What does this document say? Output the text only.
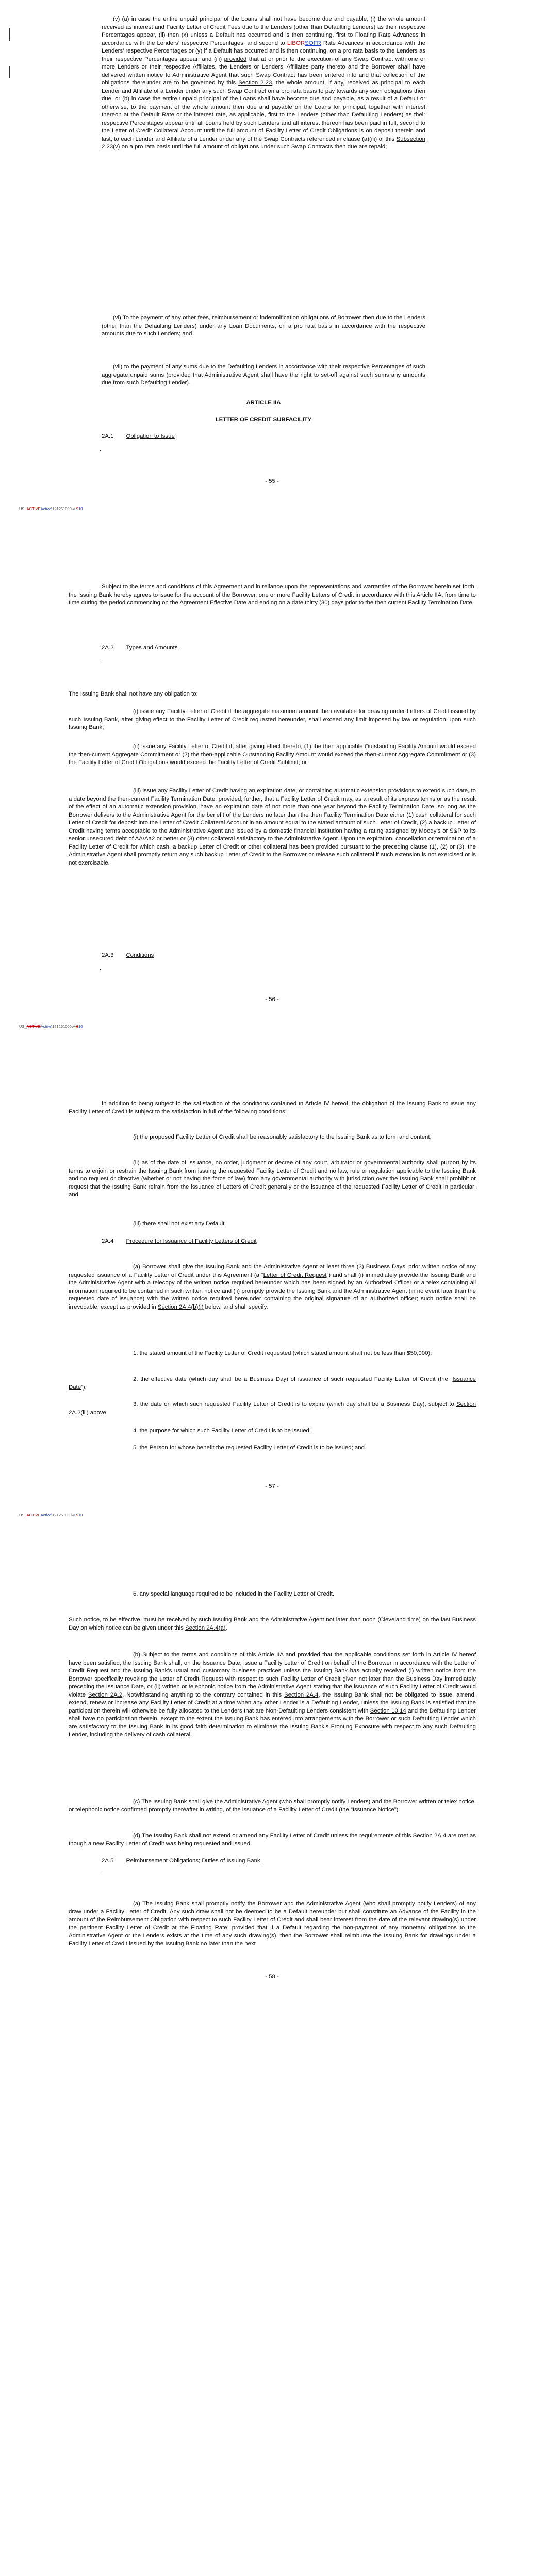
(v) (a) in case the entire unpaid principal of the Loans shall not have become due and payable, (i) the whole amount received as interest and Facility Letter of Credit Fees due to the Lenders (other than Defaulting Lenders) as their respective Percentages appear, (ii) then (x) unless a Default has occurred and is then continuing, first to Floating Rate Advances in accordance with the Lenders’ respective Percentages, and second to LIBORSOFR Rate Advances in accordance with the Lenders’ respective Percentages or (y) if a Default has occurred and is then continuing, on a pro rata basis to the Lenders as their respective Percentages appear; and (iii) provided that at or prior to the execution of any Swap Contract with one or more Lenders or their respective Affiliates, the Lenders or Lenders’ Affiliates party thereto and the Borrower shall have delivered written notice to Administrative Agent that such Swap Contract has been entered into and that collection of the obligations thereunder are to be governed by this Section 2.23, the whole amount, if any, received as principal to each Lender and Affiliate of a Lender under any such Swap Contract on a pro rata basis to pay towards any such obligations then due, or (b) in case the entire unpaid principal of the Loans shall have become due and payable, as a result of a Default or otherwise, to the payment of the whole amount then due and payable on the Loans for principal, together with interest thereon at the Default Rate or the interest rate, as applicable, first to the Lenders (other than Defaulting Lenders) as their respective Percentages appear until all Loans held by such Lenders and all interest thereon has been paid in full, second to the Letter of Credit Collateral Account until the full amount of Facility Letter of Credit Obligations is on deposit therein and last, to each Lender and Affiliate of a Lender under any of the Swap Contracts referenced in clause (a)(iii) of this Subsection 2.23(v) on a pro rata basis until the full amount of obligations under such Swap Contracts then due are repaid;

(vi) To the payment of any other fees, reimbursement or indemnification obligations of Borrower then due to the Lenders (other than the Defaulting Lenders) under any Loan Documents, on a pro rata basis in accordance with the respective amounts due to such Lenders; and

(vii) to the payment of any sums due to the Defaulting Lenders in accordance with their respective Percentages of such aggregate unpaid sums (provided that Administrative Agent shall have the right to set-off against such sums any amounts due from such Defaulting Lender).

ARTICLE IIA

LETTER OF CREDIT SUBFACILITY

2A.1 Obligation to Issue

.
- 55 -
US_ACTIVEActive\121261000\V-910

Subject to the terms and conditions of this Agreement and in reliance upon the representations and warranties of the Borrower herein set forth, the Issuing Bank hereby agrees to issue for the account of the Borrower, one or more Facility Letters of Credit in accordance with this Article IIA, from time to time during the period commencing on the Agreement Effective Date and ending on a date thirty (30) days prior to the then current Facility Termination Date.

2A.2 Types and Amounts

.

The Issuing Bank shall not have any obligation to:

(i) issue any Facility Letter of Credit if the aggregate maximum amount then available for drawing under Letters of Credit issued by such Issuing Bank, after giving effect to the Facility Letter of Credit requested hereunder, shall exceed any limit imposed by law or regulation upon such Issuing Bank;

(ii) issue any Facility Letter of Credit if, after giving effect thereto, (1) the then applicable Outstanding Facility Amount would exceed the then-current Aggregate Commitment or (2) the then-applicable Outstanding Facility Amount would exceed the then-current Aggregate Commitment or (3) the Facility Letter of Credit Obligations would exceed the Facility Letter of Credit Sublimit; or

(iii) issue any Facility Letter of Credit having an expiration date, or containing automatic extension provisions to extend such date, to a date beyond the then-current Facility Termination Date, provided, further, that a Facility Letter of Credit may, as a result of its express terms or as the result of the effect of an automatic extension provision, have an expiration date of not more than one year beyond the Facility Termination Date, so long as the Borrower delivers to the Administrative Agent for the benefit of the Lenders no later than the then Facility Termination Date either (1) cash collateral for such Letter of Credit for deposit into the Letter of Credit Collateral Account in an amount equal to the stated amount of such Letter of Credit, (2) a backup Letter of Credit having terms acceptable to the Administrative Agent and issued by a domestic financial institution having a rating assigned by Moody’s or S&P to its senior unsecured debt of AA/Aa2 or better or (3) other collateral satisfactory to the Administrative Agent. Upon the expiration, cancellation or termination of a Facility Letter of Credit for which cash, a backup Letter of Credit or other collateral has been provided pursuant to the preceding clause (1), (2) or (3), the Administrative Agent shall promptly return any such backup Letter of Credit to the Borrower or release such collateral if such extension is not exercised or is not exercisable.

2A.3 Conditions

.
- 56 -
US_ACTIVEActive\121261000\V-910

In addition to being subject to the satisfaction of the conditions contained in Article IV hereof, the obligation of the Issuing Bank to issue any Facility Letter of Credit is subject to the satisfaction in full of the following conditions:

(i) the proposed Facility Letter of Credit shall be reasonably satisfactory to the Issuing Bank as to form and content;

(ii) as of the date of issuance, no order, judgment or decree of any court, arbitrator or governmental authority shall purport by its terms to enjoin or restrain the Issuing Bank from issuing the requested Facility Letter of Credit and no law, rule or regulation applicable to the Issuing Bank and no request or directive (whether or not having the force of law) from any governmental authority with jurisdiction over the Issuing Bank shall prohibit or request that the Issuing Bank refrain from the issuance of Letters of Credit generally or the issuance of the requested Facility Letter of Credit in particular; and

(iii) there shall not exist any Default.

2A.4 Procedure for Issuance of Facility Letters of Credit

(a) Borrower shall give the Issuing Bank and the Administrative Agent at least three (3) Business Days’ prior written notice of any requested issuance of a Facility Letter of Credit under this Agreement (a “Letter of Credit Request”) and shall (i) immediately provide the Issuing Bank and the Administrative Agent with a telecopy of the written notice required hereunder which has been signed by an Authorized Officer or a telex containing all information required to be contained in such written notice and (ii) promptly provide the Issuing Bank and the Administrative Agent (in no event later than the requested date of issuance) with the written notice required hereunder containing the original signature of an authorized officer; such notice shall be irrevocable, except as provided in Section 2A.4(b)(i) below, and shall specify:

1. the stated amount of the Facility Letter of Credit requested (which stated amount shall not be less than $50,000);

2. the effective date (which day shall be a Business Day) of issuance of such requested Facility Letter of Credit (the “Issuance Date”);

3. the date on which such requested Facility Letter of Credit is to expire (which day shall be a Business Day), subject to Section 2A.2(iii) above;

4. the purpose for which such Facility Letter of Credit is to be issued;

5. the Person for whose benefit the requested Facility Letter of Credit is to be issued; and

- 57 -
US_ACTIVEActive\121261000\V-910

6. any special language required to be included in the Facility Letter of Credit.

Such notice, to be effective, must be received by such Issuing Bank and the Administrative Agent not later than noon (Cleveland time) on the last Business Day on which notice can be given under this Section 2A.4(a).

(b) Subject to the terms and conditions of this Article IIA and provided that the applicable conditions set forth in Article IV hereof have been satisfied, the Issuing Bank shall, on the Issuance Date, issue a Facility Letter of Credit on behalf of the Borrower in accordance with the Letter of Credit Request and the Issuing Bank’s usual and customary business practices unless the Issuing Bank has actually received (i) written notice from the Borrower specifically revoking the Letter of Credit Request with respect to such Facility Letter of Credit given not later than the Business Day immediately preceding the Issuance Date, or (ii) written or telephonic notice from the Administrative Agent stating that the issuance of such Facility Letter of Credit would violate Section 2A.2. Notwithstanding anything to the contrary contained in this Section 2A.4, the Issuing Bank shall not be obligated to issue, amend, extend, renew or increase any Facility Letter of Credit at a time when any other Lender is a Defaulting Lender, unless the Issuing Bank is satisfied that the participation therein will otherwise be fully allocated to the Lenders that are Non-Defaulting Lenders consistent with Section 10.14 and the Defaulting Lender shall have no participation therein, except to the extent the Issuing Bank has entered into arrangements with the Borrower or such Defaulting Lender which are satisfactory to the Issuing Bank in its good faith determination to eliminate the Issuing Bank’s Fronting Exposure with respect to any such Defaulting Lender, including the delivery of cash collateral.

(c) The Issuing Bank shall give the Administrative Agent (who shall promptly notify Lenders) and the Borrower written or telex notice, or telephonic notice confirmed promptly thereafter in writing, of the issuance of a Facility Letter of Credit (the “Issuance Notice”).

(d) The Issuing Bank shall not extend or amend any Facility Letter of Credit unless the requirements of this Section 2A.4 are met as though a new Facility Letter of Credit was being requested and issued.

2A.5 Reimbursement Obligations; Duties of Issuing Bank

.

(a) The Issuing Bank shall promptly notify the Borrower and the Administrative Agent (who shall promptly notify Lenders) of any draw under a Facility Letter of Credit. Any such draw shall not be deemed to be a Default hereunder but shall constitute an Advance of the Facility in the amount of the Reimbursement Obligation with respect to such Facility Letter of Credit and shall bear interest from the date of the relevant drawing(s) under the pertinent Facility Letter of Credit at the Floating Rate; provided that if a Default regarding the non-payment of any monetary obligations to the Administrative Agent or the Lenders exists at the time of any such drawing(s), then the Borrower shall reimburse the Issuing Bank for drawings under a Facility Letter of Credit issued by the Issuing Bank no later than the next

- 58 -
